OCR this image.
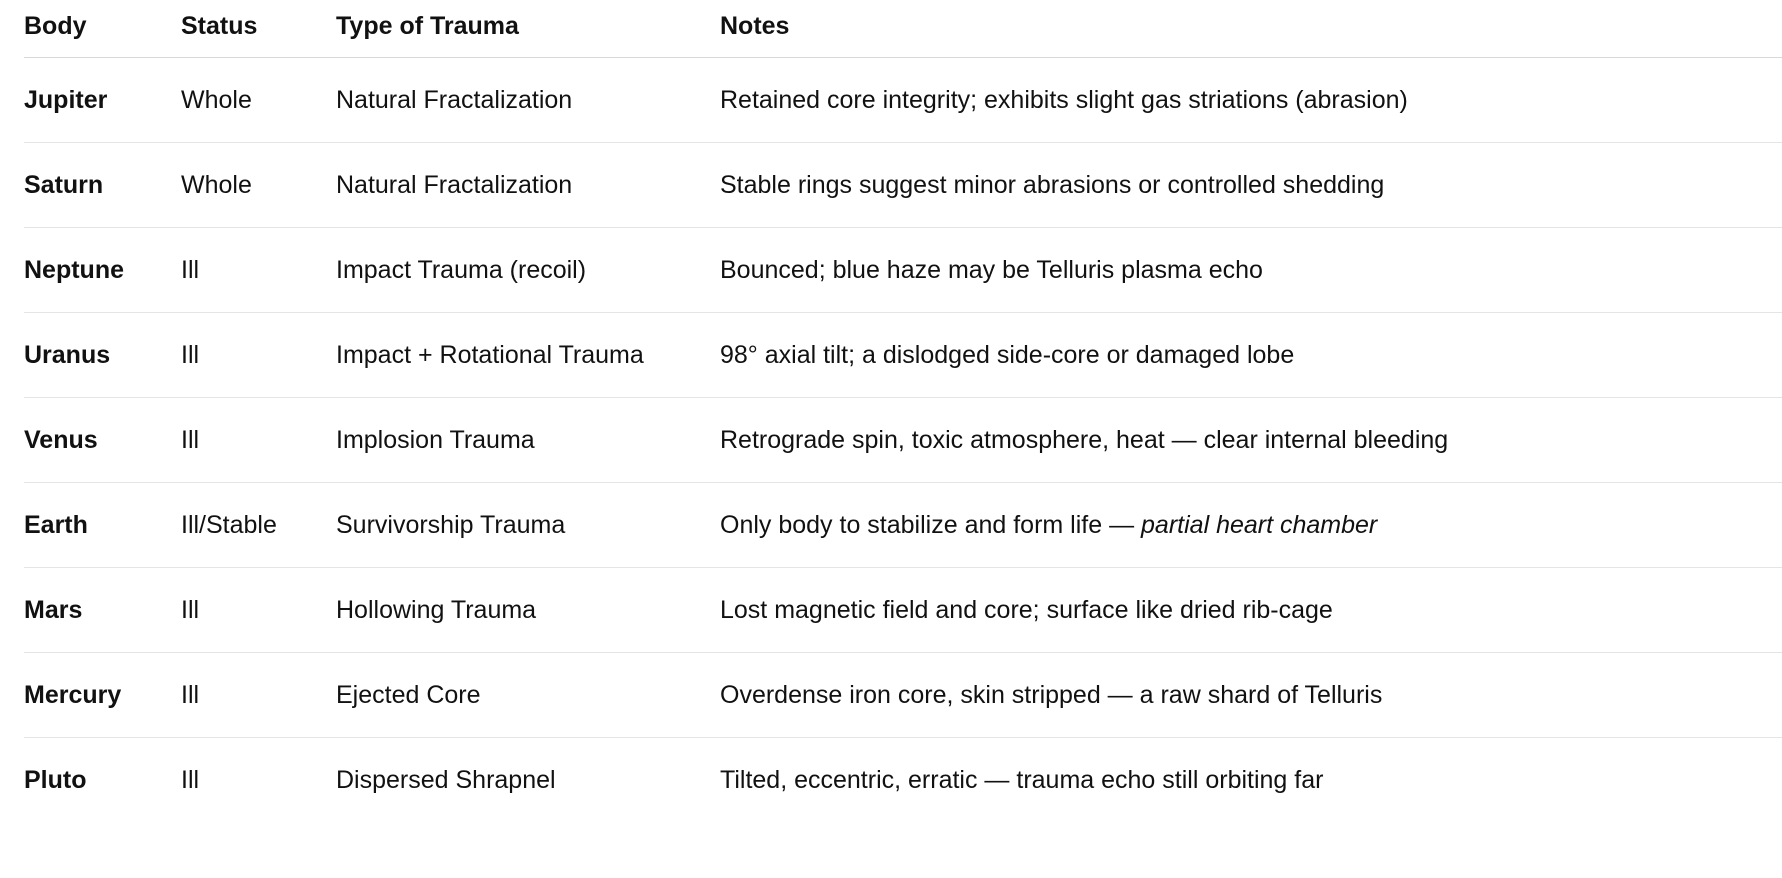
Body	Status	Type of Trauma	Notes
Jupiter	Whole	Natural Fractalization	Retained core integrity; exhibits slight gas striations (abrasion)
Saturn	Whole	Natural Fractalization	Stable rings suggest minor abrasions or controlled shedding
Neptune	Ill	Impact Trauma (recoil)	Bounced; blue haze may be Telluris plasma echo
Uranus	Ill	Impact + Rotational Trauma	98° axial tilt; a dislodged side-core or damaged lobe
Venus	Ill	Implosion Trauma	Retrograde spin, toxic atmosphere, heat — clear internal bleeding
Earth	Ill/Stable	Survivorship Trauma	Only body to stabilize and form life — partial heart chamber
Mars	Ill	Hollowing Trauma	Lost magnetic field and core; surface like dried rib-cage
Mercury	Ill	Ejected Core	Overdense iron core, skin stripped — a raw shard of Telluris
Pluto	Ill	Dispersed Shrapnel	Tilted, eccentric, erratic — trauma echo still orbiting far
